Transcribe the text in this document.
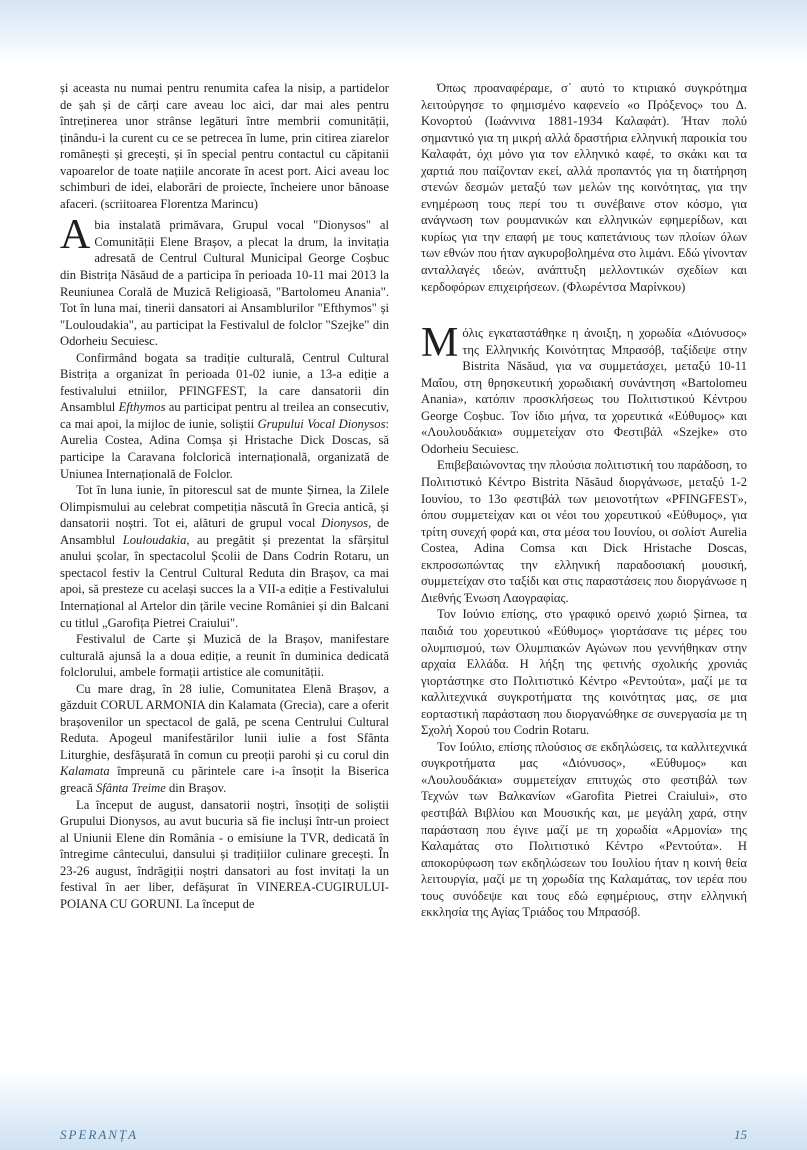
și aceasta nu numai pentru renumita cafea la nisip, a partidelor de șah și de cărți care aveau loc aici, dar mai ales pentru întreținerea unor strânse legături între membrii comunității, ținându-i la curent cu ce se petrecea în lume, prin citirea ziarelor românești și grecești, și în special pentru contactul cu căpitanii vapoarelor de toate națiile ancorate în acest port. Aici aveau loc schimburi de idei, elaborări de proiecte, încheiere unor bănoase afaceri. (scriitoarea Florentza Marincu)

Abia instalată primăvara, Grupul vocal "Dionysos" al Comunității Elene Brașov, a plecat la drum, la invitația adresată de Centrul Cultural Municipal George Coșbuc din Bistrița Năsăud de a participa în perioada 10-11 mai 2013 la Reuniunea Corală de Muzică Religioasă, "Bartolomeu Anania". Tot în luna mai, tinerii dansatori ai Ansamblurilor "Efthymos" și "Louloudakia", au participat la Festivalul de folclor "Szejke" din Odorheiu Secuiesc.

Confirmând bogata sa tradiție culturală, Centrul Cultural Bistrița a organizat în perioada 01-02 iunie, a 13-a ediție a festivalului etniilor, PFINGFEST, la care dansatorii din Ansamblul Efthymos au participat pentru al treilea an consecutiv, ca mai apoi, la mijloc de iunie, soliștii Grupului Vocal Dionysos: Aurelia Costea, Adina Comșa și Hristache Dick Doscas, să participe la Caravana folclorică internațională, organizată de Uniunea Internațională de Folclor.

Tot în luna iunie, în pitorescul sat de munte Șirnea, la Zilele Olimpismului au celebrat competiția născută în Grecia antică, și dansatorii noștri. Tot ei, alături de grupul vocal Dionysos, de Ansamblul Louloudakia, au pregătit și prezentat la sfârșitul anului școlar, în spectacolul Școlii de Dans Codrin Rotaru, un spectacol festiv la Centrul Cultural Reduta din Brașov, ca mai apoi, să presteze cu același succes la a VII-a ediție a Festivalului Internațional al Artelor din țările vecine României și din Balcani cu titlul „Garofița Pietrei Craiului".

Festivalul de Carte și Muzică de la Brașov, manifestare culturală ajunsă la a doua ediție, a reunit în duminica dedicată folclorului, ambele formații artistice ale comunității.

Cu mare drag, în 28 iulie, Comunitatea Elenă Brașov, a găzduit CORUL ARMONIA din Kalamata (Grecia), care a oferit brașovenilor un spectacol de gală, pe scena Centrului Cultural Reduta. Apogeul manifestărilor lunii iulie a fost Sfânta Liturghie, desfășurată în comun cu preoții parohi și cu corul din Kalamata împreună cu părintele care i-a însoțit la Biserica greacă Sfânta Treime din Brașov.

La început de august, dansatorii noștri, însoțiți de soliștii Grupului Dionysos, au avut bucuria să fie incluși într-un proiect al Uniunii Elene din România - o emisiune la TVR, dedicată în întregime cântecului, dansului și tradițiilor culinare grecești. În 23-26 august, îndrăgiții noștri dansatori au fost invitați la un festival în aer liber, defășurat în VINEREA-CUGIRULUI-POIANA CU GORUNI. La început de

Όπως προαναφέραμε, σ᾽ αυτό το κτιριακό συγκρότημα λειτούργησε το φημισμένο καφενείο «ο Πρόξενος» του Δ. Κονορτού (Ιωάννινα 1881-1934 Καλαφάτ). Ήταν πολύ σημαντικό για τη μικρή αλλά δραστήρια ελληνική παροικία του Καλαφάτ, όχι μόνο για τον ελληνικό καφέ, το σκάκι και τα χαρτιά που παίζονταν εκεί, αλλά προπαντός για τη διατήρηση στενών δεσμών μεταξύ των μελών της κοινότητας, για την ενημέρωση τους περί του τι συνέβαινε στον κόσμο, για ανάγνωση των ρουμανικών και ελληνικών εφημερίδων, και κυρίως για την επαφή με τους καπετάνιους των πλοίων όλων των εθνών που ήταν αγκυροβολημένα στο λιμάνι. Εδώ γίνονταν ανταλλαγές ιδεών, ανάπτυξη μελλοντικών σχεδίων και κερδοφόρων επιχειρήσεων. (Φλωρέντσα Μαρίνκου)

Μόλις εγκαταστάθηκε η άνοιξη, η χορωδία «Διόνυσος» της Ελληνικής Κοινότητας Μπρασόβ, ταξίδεψε στην Bistrita Năsăud, για να συμμετάσχει, μεταξύ 10-11 Μαΐου, στη θρησκευτική χορωδιακή συνάντηση «Bartolomeu Anania», κατόπιν προσκλήσεως του Πολιτιστικού Κέντρου George Coșbuc. Τον ίδιο μήνα, τα χορευτικά «Εύθυμος» και «Λουλουδάκια» συμμετείχαν στο Φεστιβάλ «Szejke» στο Odorheiu Secuiesc.

Επιβεβαιώνοντας την πλούσια πολιτιστική του παράδοση, το Πολιτιστικό Κέντρο Bistrita Năsăud διοργάνωσε, μεταξύ 1-2 Ιουνίου, το 13ο φεστιβάλ των μειονοτήτων «PFINGFEST», όπου συμμετείχαν και οι νέοι του χορευτικού «Εύθυμος», για τρίτη συνεχή φορά και, στα μέσα του Ιουνίου, οι σολίστ Aurelia Costea, Adina Comsa και Dick Hristache Doscas, εκπροσωπώντας την ελληνική παραδοσιακή μουσική, συμμετείχαν στο ταξίδι και στις παραστάσεις που διοργάνωσε η Διεθνής Ένωση Λαογραφίας.

Τον Ιούνιο επίσης, στο γραφικό ορεινό χωριό Șirnea, τα παιδιά του χορευτικού «Εύθυμος» γιορτάσανε τις μέρες του ολυμπισμού, των Ολυμπιακών Αγώνων που γεννήθηκαν στην αρχαία Ελλάδα. Η λήξη της φετινής σχολικής χρονιάς γιορτάστηκε στο Πολιτιστικό Κέντρο «Ρεντούτα», μαζί με τα καλλιτεχνικά συγκροτήματα της κοινότητας μας, σε μια εορταστική παράσταση που διοργανώθηκε σε συνεργασία με τη Σχολή Χορού του Codrin Rotaru.

Τον Ιούλιο, επίσης πλούσιος σε εκδηλώσεις, τα καλλιτεχνικά συγκροτήματα μας «Διόνυσος», «Εύθυμος» και «Λουλουδάκια» συμμετείχαν επιτυχώς στο φεστιβάλ των Τεχνών των Βαλκανίων «Garofita Pietrei Craiului», στο φεστιβάλ Βιβλίου και Μουσικής και, με μεγάλη χαρά, στην παράσταση που έγινε μαζί με τη χορωδία «Αρμονία» της Καλαμάτας στο Πολιτιστικό Κέντρο «Ρεντούτα». Η αποκορύφωση των εκδηλώσεων του Ιουλίου ήταν η κοινή θεία λειτουργία, μαζί με τη χορωδία της Καλαμάτας, τον ιερέα που τους συνόδεψε και τους εδώ εφημέριους, στην ελληνική εκκλησία της Αγίας Τριάδος του Μπρασόβ.

SPERANȚA	15
